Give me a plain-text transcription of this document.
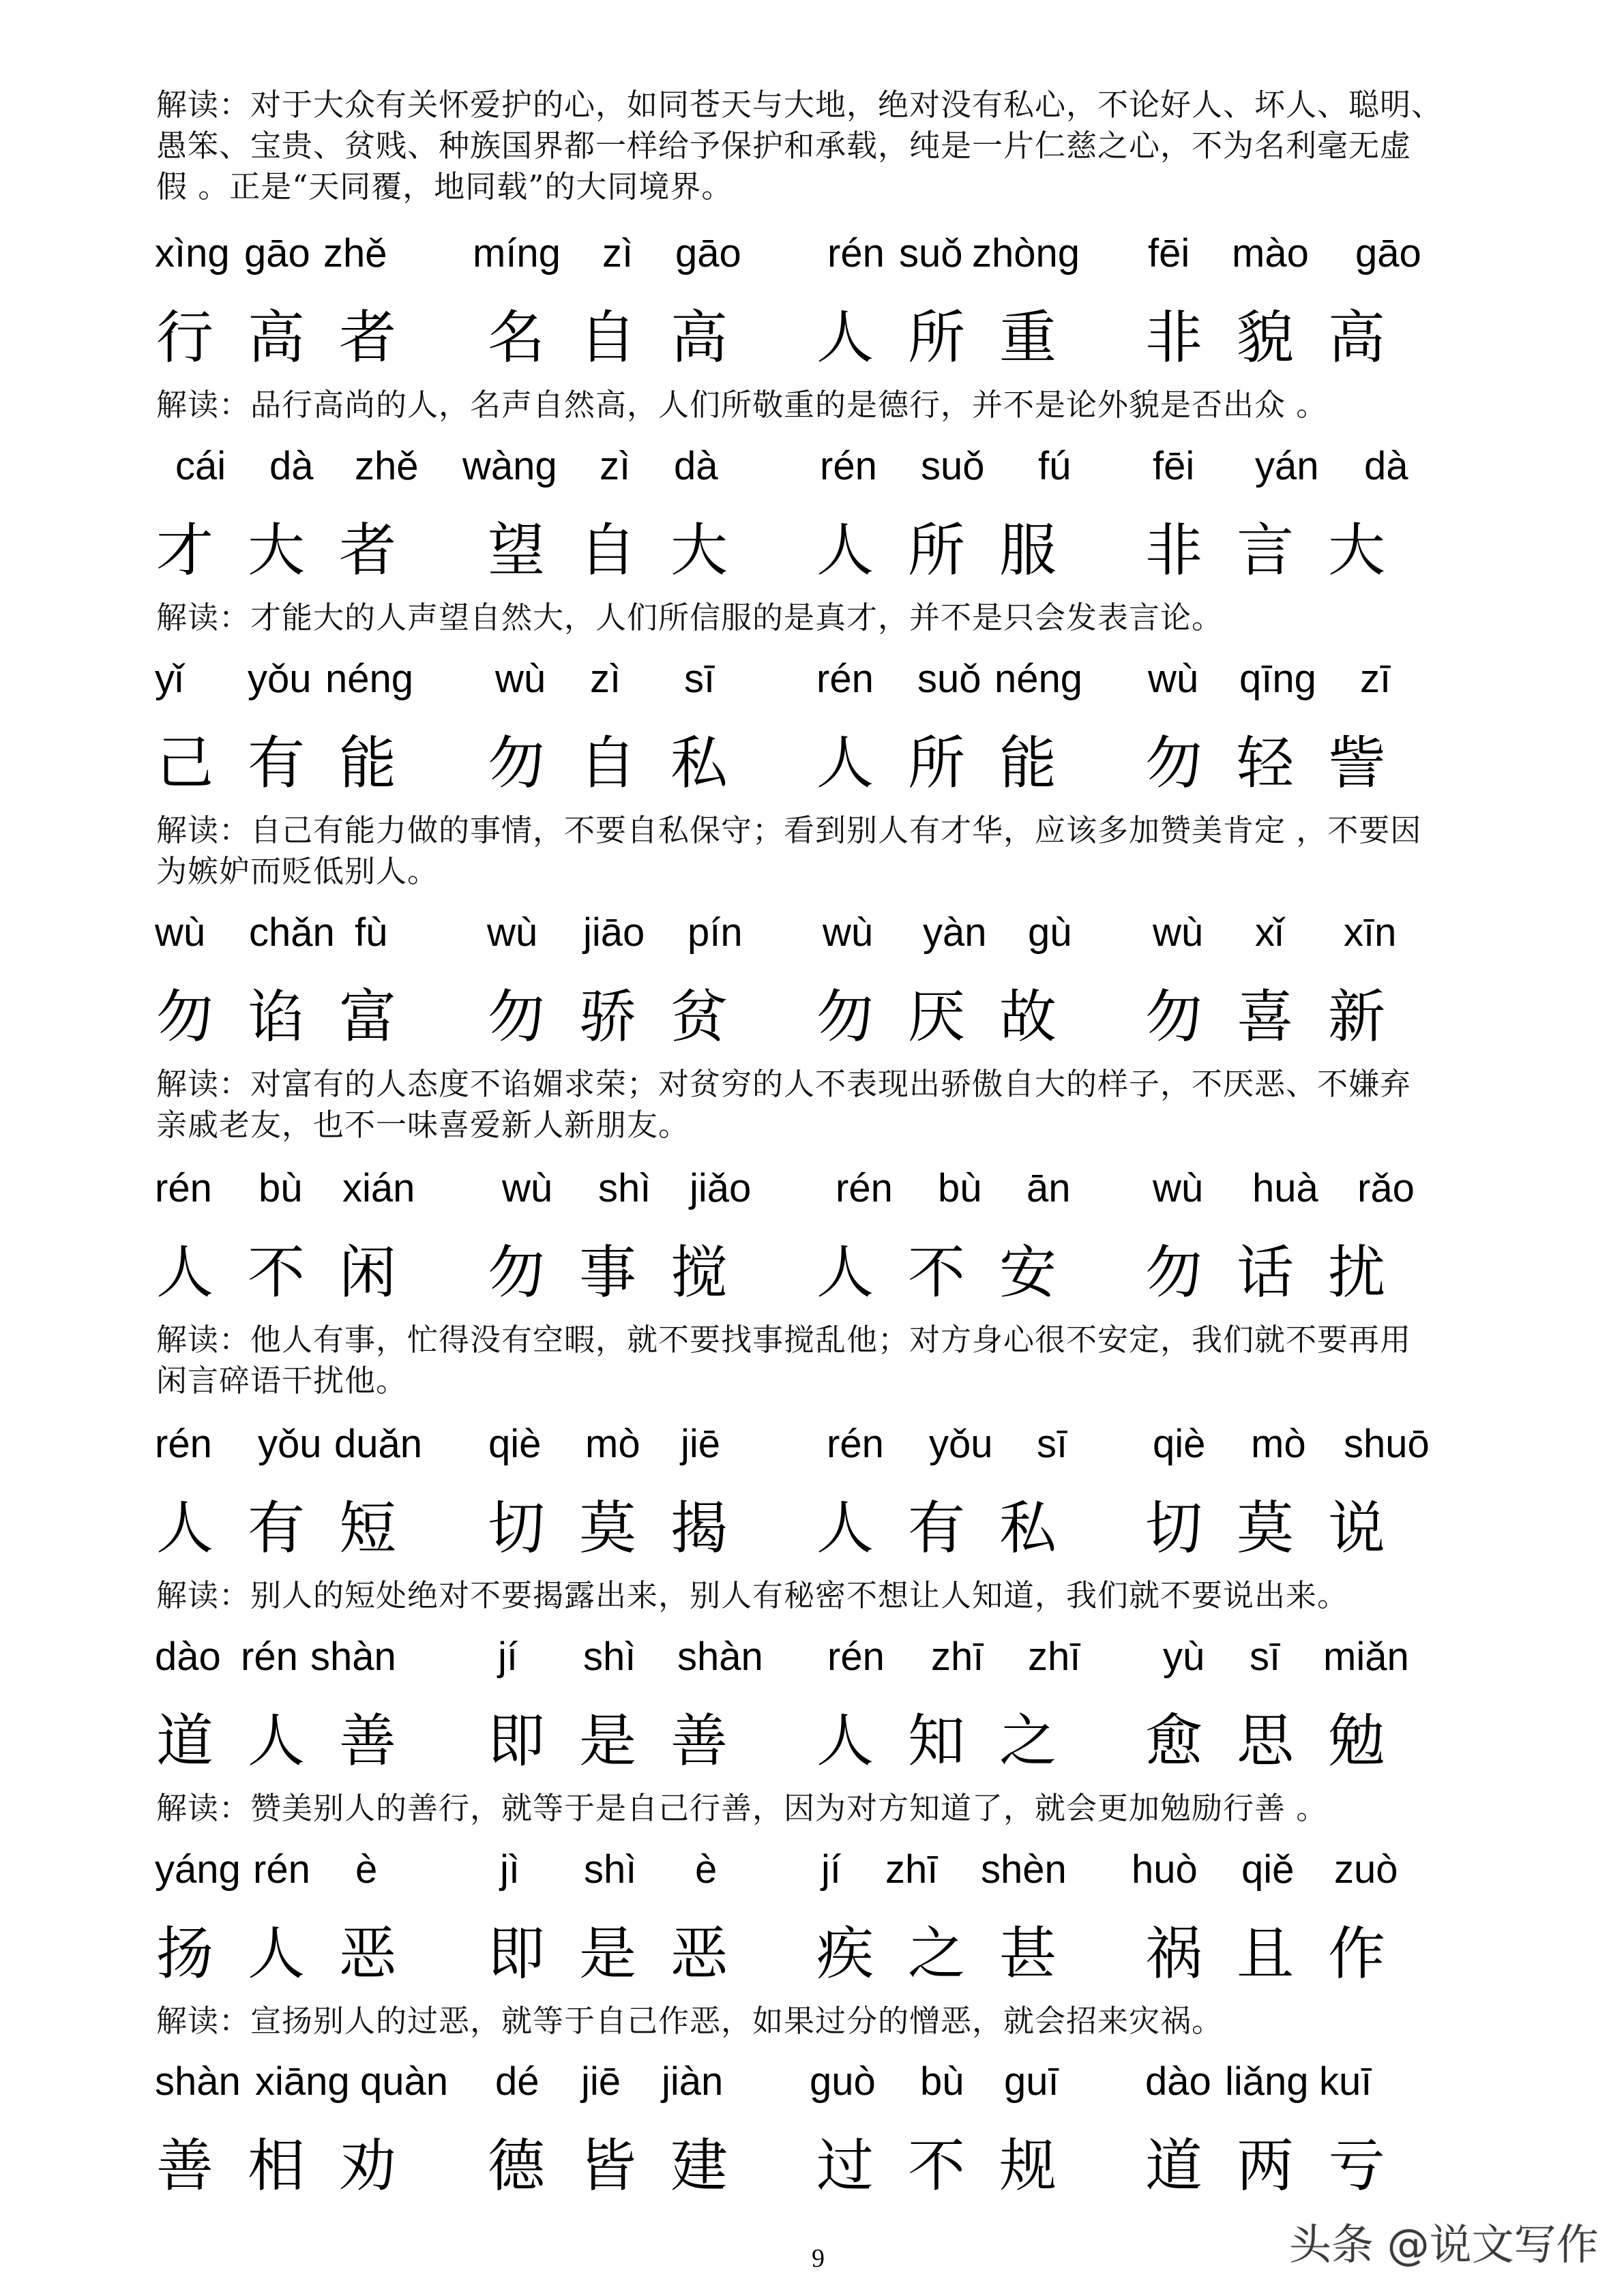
解读：对于大众有关怀爱护的心，如同苍天与大地，绝对没有私心，不论好人、坏人、聪明、
愚笨、宝贵、贫贱、种族国界都一样给予保护和承载，纯是一片仁慈之心，不为名利毫无虚
假 。正是“天同覆，地同载”的大同境界。
xìng gāo zhě míng zì gāo rén suǒ zhòng fēi mào gāo
行 高 者 名 自 高 人 所 重 非 貌 高
解读：品行高尚的人，名声自然高，人们所敬重的是德行，并不是论外貌是否出众 。
cái dà zhě wàng zì dà	rén suǒ fú fēi yán dà
才 大 者 望 自 大 人 所 服 非 言 大
解读：才能大的人声望自然大，人们所信服的是真才，并不是只会发表言论。
yǐ yǒu néng wù zì sī	rén suǒ néng wù qīng zī
己 有 能 勿 自 私 人 所 能 勿 轻 訾
解读：自己有能力做的事情，不要自私保守；看到别人有才华，应该多加赞美肯定 ，不要因
为嫉妒而贬低别人。
wù chǎn fù	wù jiāo pín wù yàn gù wù xǐ xīn
勿 谄 富 勿 骄 贫 勿 厌 故 勿 喜 新
解读：对富有的人态度不谄媚求荣；对贫穷的人不表现出骄傲自大的样子，不厌恶、不嫌弃
亲戚老友，也不一味喜爱新人新朋友。
rén bù xián wù shì jiǎo rén bù ān wù huà rǎo
人 不 闲 勿 事 搅 人 不 安 勿 话 扰
解读：他人有事，忙得没有空暇，就不要找事搅乱他；对方身心很不安定，我们就不要再用
闲言碎语干扰他。
rén yǒu duǎn qiè mò jiē	rén yǒu sī qiè mò shuō
人 有 短 切 莫 揭 人 有 私 切 莫 说
解读：别人的短处绝对不要揭露出来，别人有秘密不想让人知道，我们就不要说出来。
dào rén shàn	jí shì shàn rén zhī zhī yù sī miǎn
道 人 善 即 是 善 人 知 之 愈 思 勉
解读：赞美别人的善行，就等于是自己行善，因为对方知道了，就会更加勉励行善 。
yáng rén è	jì shì è	jí zhī shèn huò qiě zuò
扬 人 恶 即 是 恶 疾 之 甚 祸 且 作
解读：宣扬别人的过恶，就等于自己作恶，如果过分的憎恶，就会招来灾祸。
shàn xiāng quàn dé jiē jiàn guò bù guī dào liǎng kuī
善 相 劝 德 皆 建 过 不 规 道 两 亏
9	头条 @说文写作
